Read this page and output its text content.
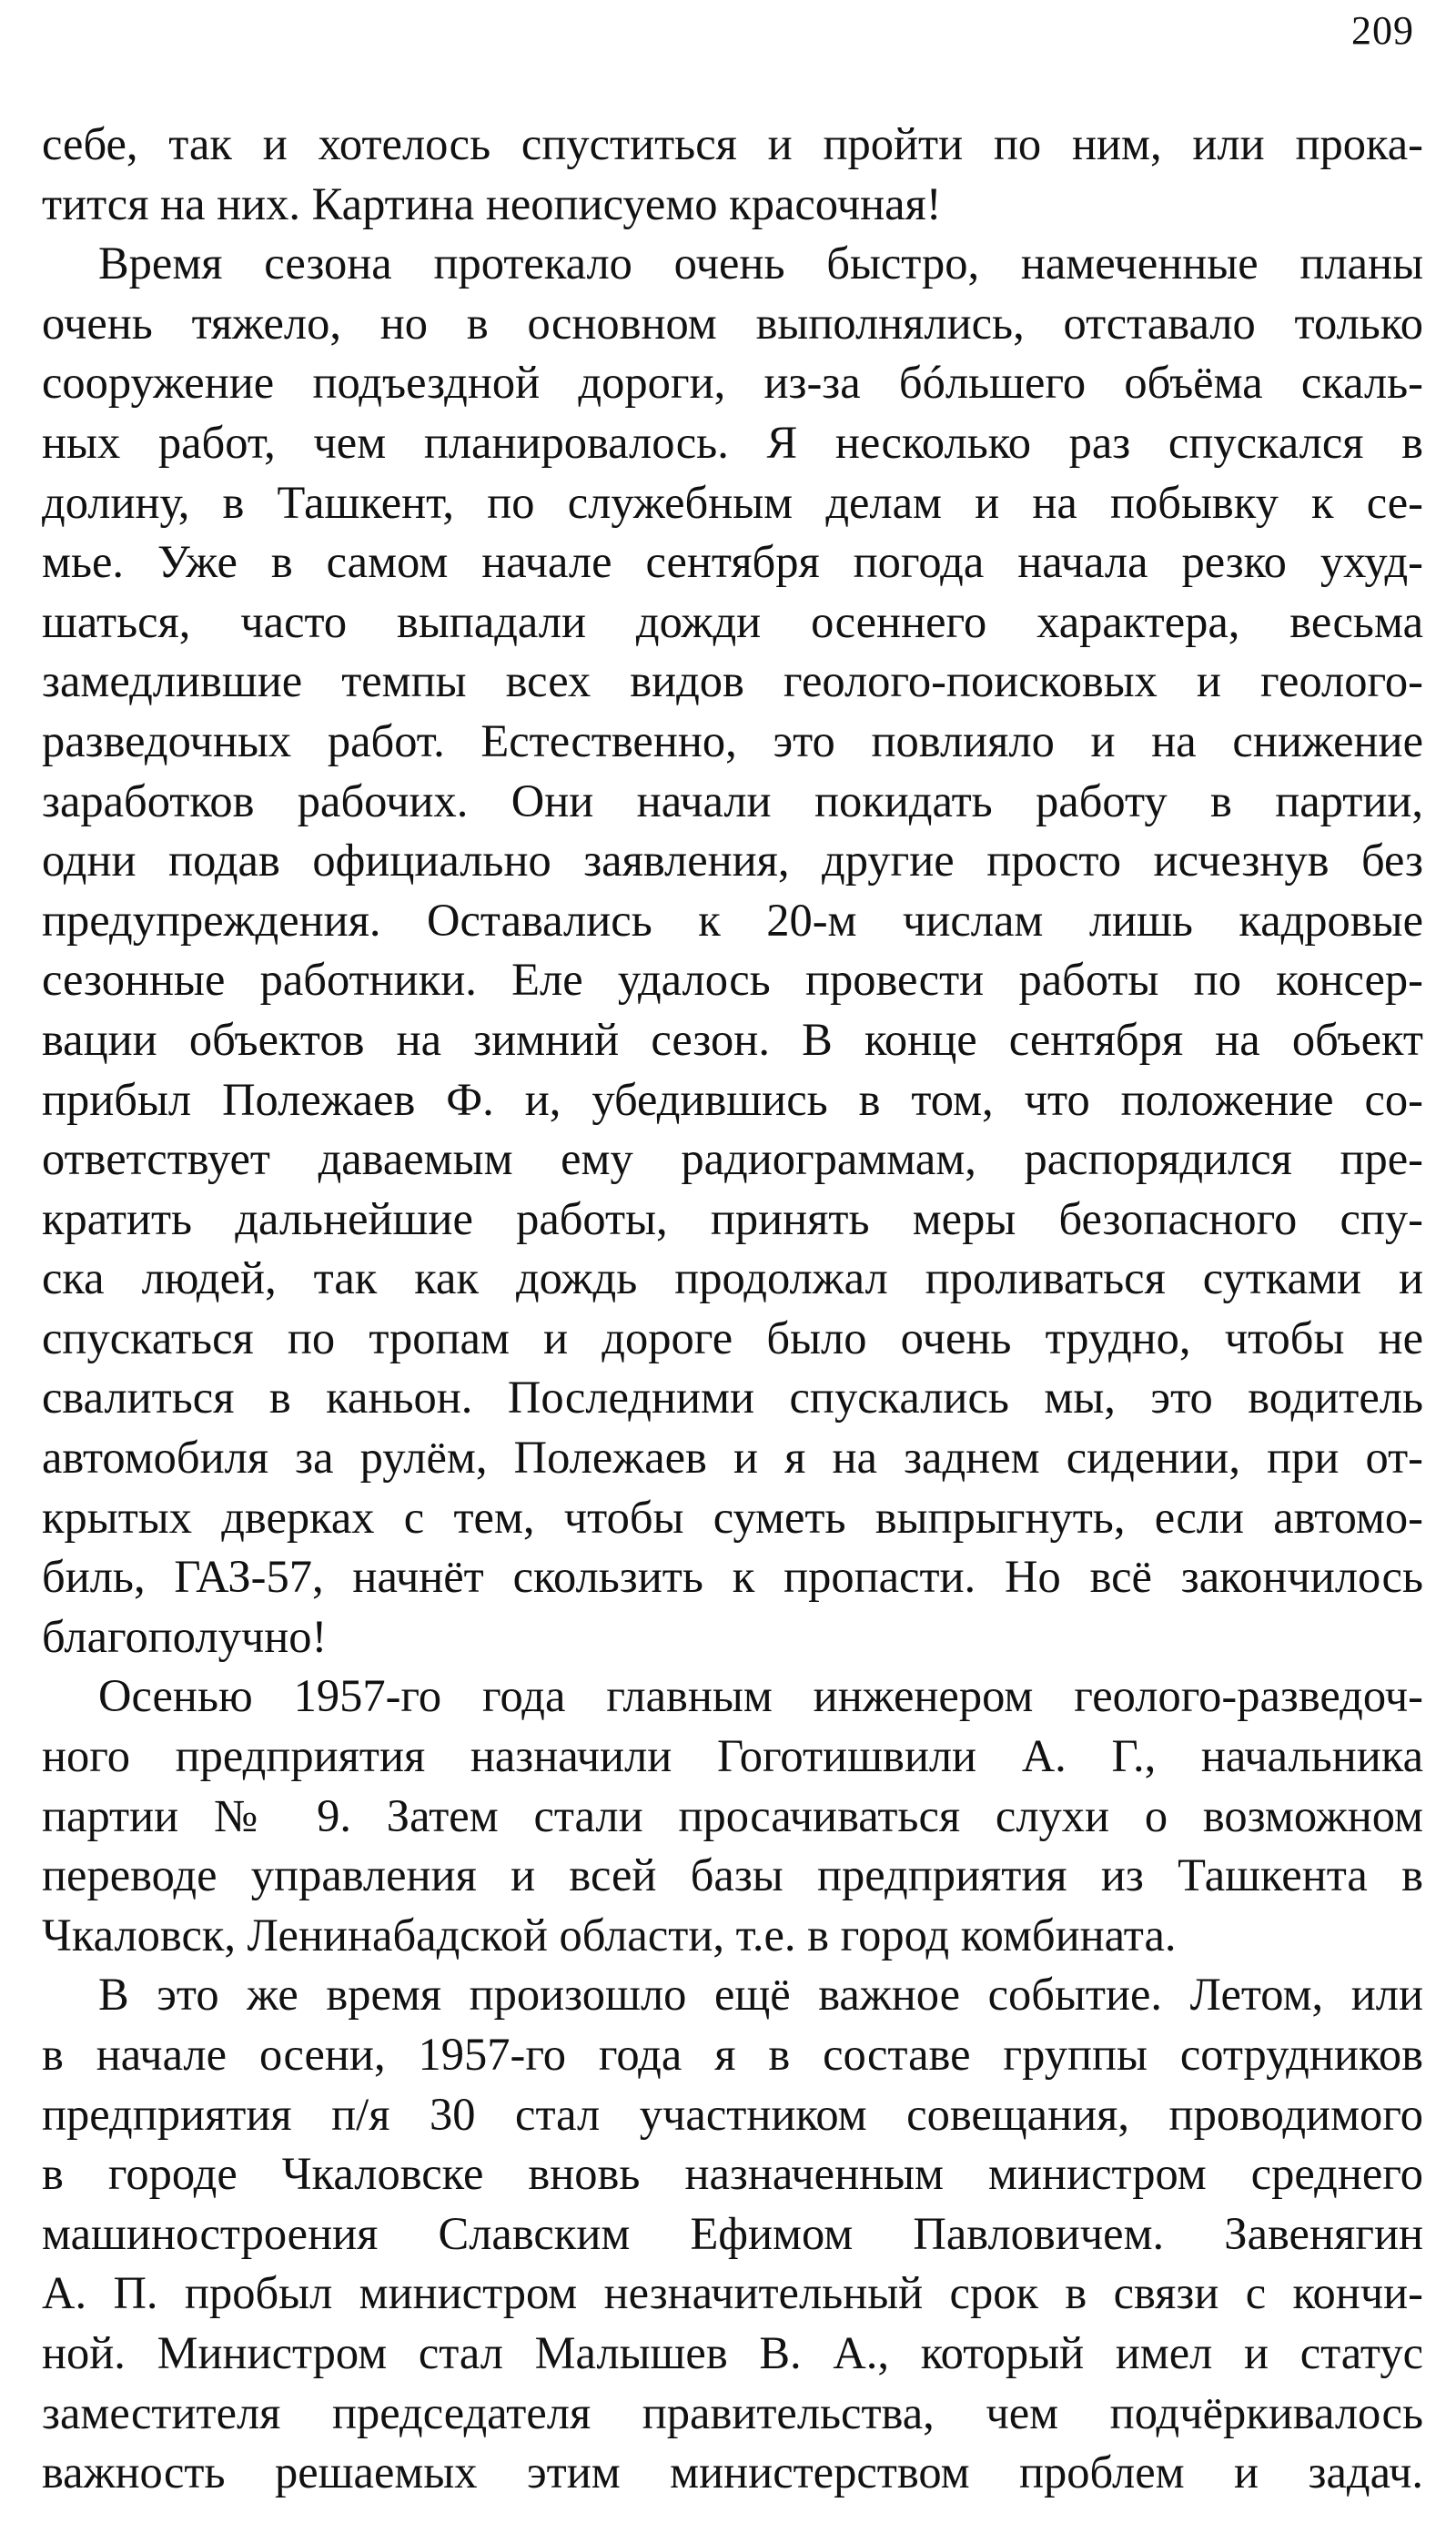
209
себе, так и хотелось спуститься и пройти по ним, или прока-
тится на них. Картина неописуемо красочная!
Время сезона протекало очень быстро, намеченные планы
очень тяжело, но в основном выполнялись, отставало только
сооружение подъездной дороги, из-за бóльшего объёма скаль-
ных работ, чем планировалось. Я несколько раз спускался в
долину, в Ташкент, по служебным делам и на побывку к се-
мье. Уже в самом начале сентября погода начала резко ухуд-
шаться, часто выпадали дожди осеннего характера, весьма
замедлившие темпы всех видов геолого-поисковых и геолого-
разведочных работ. Естественно, это повлияло и на снижение
заработков рабочих. Они начали покидать работу в партии,
одни подав официально заявления, другие просто исчезнув без
предупреждения. Оставались к 20-м числам лишь кадровые
сезонные работники. Еле удалось провести работы по консер-
вации объектов на зимний сезон. В конце сентября на объект
прибыл Полежаев Ф. и, убедившись в том, что положение со-
ответствует даваемым ему радиограммам, распорядился пре-
кратить дальнейшие работы, принять меры безопасного спу-
ска людей, так как дождь продолжал проливаться сутками и
спускаться по тропам и дороге было очень трудно, чтобы не
свалиться в каньон. Последними спускались мы, это водитель
автомобиля за рулём, Полежаев и я на заднем сидении, при от-
крытых дверках с тем, чтобы суметь выпрыгнуть, если автомо-
биль, ГАЗ-57, начнёт скользить к пропасти. Но всё закончилось
благополучно!
Осенью 1957-го года главным инженером геолого-разведоч-
ного предприятия назначили Гоготишвили А. Г., начальника
партии № 9. Затем стали просачиваться слухи о возможном
переводе управления и всей базы предприятия из Ташкента в
Чкаловск, Ленинабадской области, т.е. в город комбината.
В это же время произошло ещё важное событие. Летом, или
в начале осени, 1957-го года я в составе группы сотрудников
предприятия п/я 30 стал участником совещания, проводимого
в городе Чкаловске вновь назначенным министром среднего
машиностроения Славским Ефимом Павловичем. Завенягин
А. П. пробыл министром незначительный срок в связи с кончи-
ной. Министром стал Малышев В. А., который имел и статус
заместителя председателя правительства, чем подчёркивалось
важность решаемых этим министерством проблем и задач.
